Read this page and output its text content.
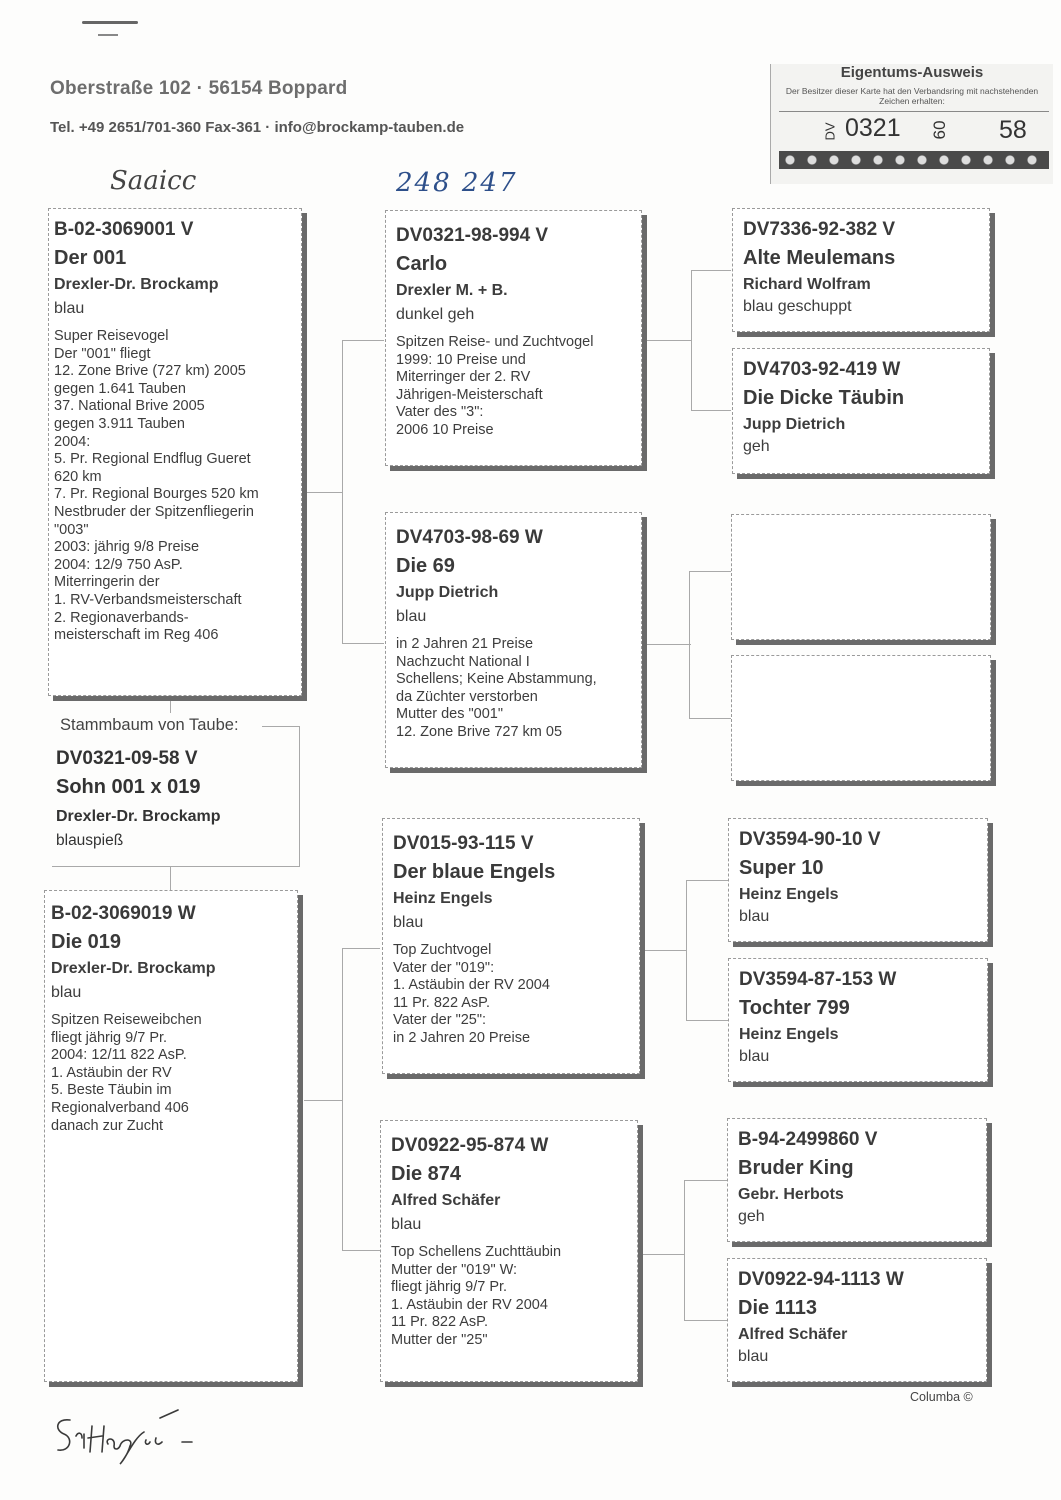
Oberstraße 102 · 56154 Boppard
Tel. +49 2651/701-360 Fax-361 · info@brockamp-tauben.de
Saaicc	248 247
Eigentums-Ausweis
Der Besitzer dieser Karte hat den Verbandsring mit nachstehenden Zeichen erhalten:
DV 0321 09 58
B-02-3069001 V
Der 001
Drexler-Dr. Brockamp
blau
Super Reisevogel
Der "001" fliegt
12. Zone Brive (727 km) 2005
gegen 1.641 Tauben
37. National Brive 2005
gegen 3.911 Tauben
2004:
5. Pr. Regional Endflug Gueret
620 km
7. Pr. Regional Bourges 520 km
Nestbruder der Spitzenfliegerin
"003"
2003: jährig 9/8 Preise
2004: 12/9 750 AsP.
Miterringerin der
1. RV-Verbandsmeisterschaft
2. Regionaverbands-
meisterschaft im Reg 406
Stammbaum von Taube:
DV0321-09-58 V
Sohn 001 x 019
Drexler-Dr. Brockamp
blauspieß
B-02-3069019 W
Die 019
Drexler-Dr. Brockamp
blau
Spitzen Reiseweibchen
fliegt jährig 9/7 Pr.
2004: 12/11 822 AsP.
1. Astäubin der RV
5. Beste Täubin im
Regionalverband 406
danach zur Zucht
DV0321-98-994 V
Carlo
Drexler M. + B.
dunkel geh
Spitzen Reise- und Zuchtvogel
1999: 10 Preise und
Miterringer der 2. RV
Jährigen-Meisterschaft
Vater des "3":
2006 10 Preise
DV4703-98-69 W
Die 69
Jupp Dietrich
blau
in 2 Jahren 21 Preise
Nachzucht National I
Schellens; Keine Abstammung,
da Züchter verstorben
Mutter des "001"
12. Zone Brive 727 km 05
DV015-93-115 V
Der blaue Engels
Heinz Engels
blau
Top Zuchtvogel
Vater der "019":
1. Astäubin der RV 2004
11 Pr. 822 AsP.
Vater der "25":
in 2 Jahren 20 Preise
DV0922-95-874 W
Die 874
Alfred Schäfer
blau
Top Schellens Zuchttäubin
Mutter der "019" W:
fliegt jährig 9/7 Pr.
1. Astäubin der RV 2004
11 Pr. 822 AsP.
Mutter der "25"
DV7336-92-382 V
Alte Meulemans
Richard Wolfram
blau geschuppt
DV4703-92-419 W
Die Dicke Täubin
Jupp Dietrich
geh
DV3594-90-10 V
Super 10
Heinz Engels
blau
DV3594-87-153 W
Tochter 799
Heinz Engels
blau
B-94-2499860 V
Bruder King
Gebr. Herbots
geh
DV0922-94-1113 W
Die 1113
Alfred Schäfer
blau
Columba ©
